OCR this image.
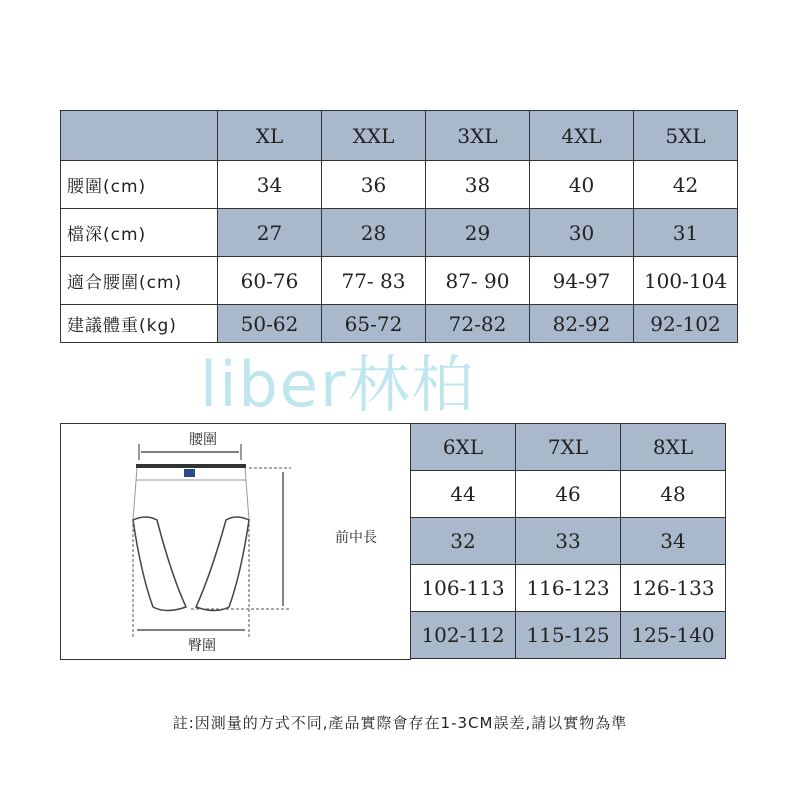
	XL	XXL	3XL	4XL	5XL
腰圍(cm)	34	36	38	40	42
檔深(cm)	27	28	29	30	31
適合腰圍(cm)	60-76	77- 83	87- 90	94-97	100-104
建議體重(kg)	50-62	65-72	72-82	82-92	92-102
liber林柏
腰圍
前中長
臀圍
6XL	7XL	8XL
44	46	48
32	33	34
106-113	116-123	126-133
102-112	115-125	125-140
註:因測量的方式不同,產品實際會存在1-3CM誤差,請以實物為準
